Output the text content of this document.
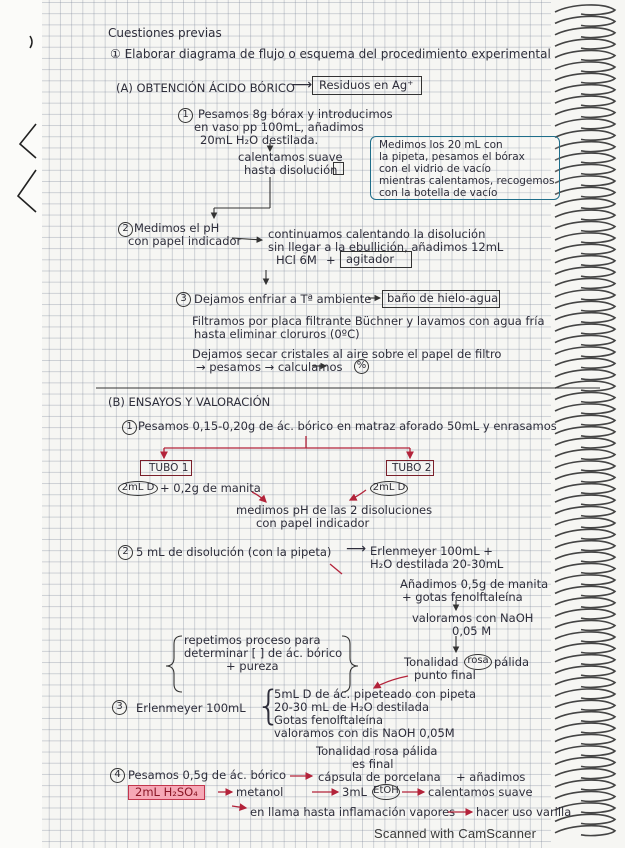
Cuestiones previas
① Elaborar diagrama de flujo o esquema del procedimiento experimental
(A) OBTENCIÓN ÁCIDO BÓRICO
⟶ Residuos en Ag⁺
1 Pesamos 8g bórax y introducimos
en vaso pp 100mL, añadimos
20mL H₂O destilada.
calentamos suave
hasta disolución
Medimos los 20 mL con
la pipeta, pesamos el bórax
con el vidrio de vacío
mientras calentamos, recogemos
con la botella de vacío
2 Medimos el pH
con papel indicador continuamos calentando la disolución
sin llegar a la ebullición, añadimos 12mL
HCl 6M + agitador
3 Dejamos enfriar a Tª ambiente baño de hielo-agua
Filtramos por placa filtrante Büchner y lavamos con agua fría
hasta eliminar cloruros (0ºC)
Dejamos secar cristales al aire sobre el papel de filtro
→ pesamos → calculamos %
(B) ENSAYOS Y VALORACIÓN
1 Pesamos 0,15-0,20g de ác. bórico en matraz aforado 50mL y enrasamos
TUBO 1	TUBO 2
2mL D + 0,2g de manita	2mL D
medimos pH de las 2 disoluciones
con papel indicador
2 5 mL de disolución (con la pipeta) ⟶ Erlenmeyer 100mL +
H₂O destilada 20-30mL
Añadimos 0,5g de manita
+ gotas fenolftaleína
valoramos con NaOH
0,05 M
repetimos proceso para
determinar [ ] de ác. bórico
+ pureza	Tonalidad rosa pálida
punto final
3	Erlenmeyer 100mL {
5mL D de ác. pipeteado con pipeta
20-30 mL de H₂O destilada
Gotas fenolftaleína
valoramos con dis NaOH 0,05M
Tonalidad rosa pálida
es final
4 Pesamos 0,5g de ác. bórico	cápsula de porcelana + añadimos
2mL H₂SO₄	metanol	3mL EtOH	calentamos suave
en llama hasta inflamación vapores hacer uso varilla
Scanned with CamScanner
